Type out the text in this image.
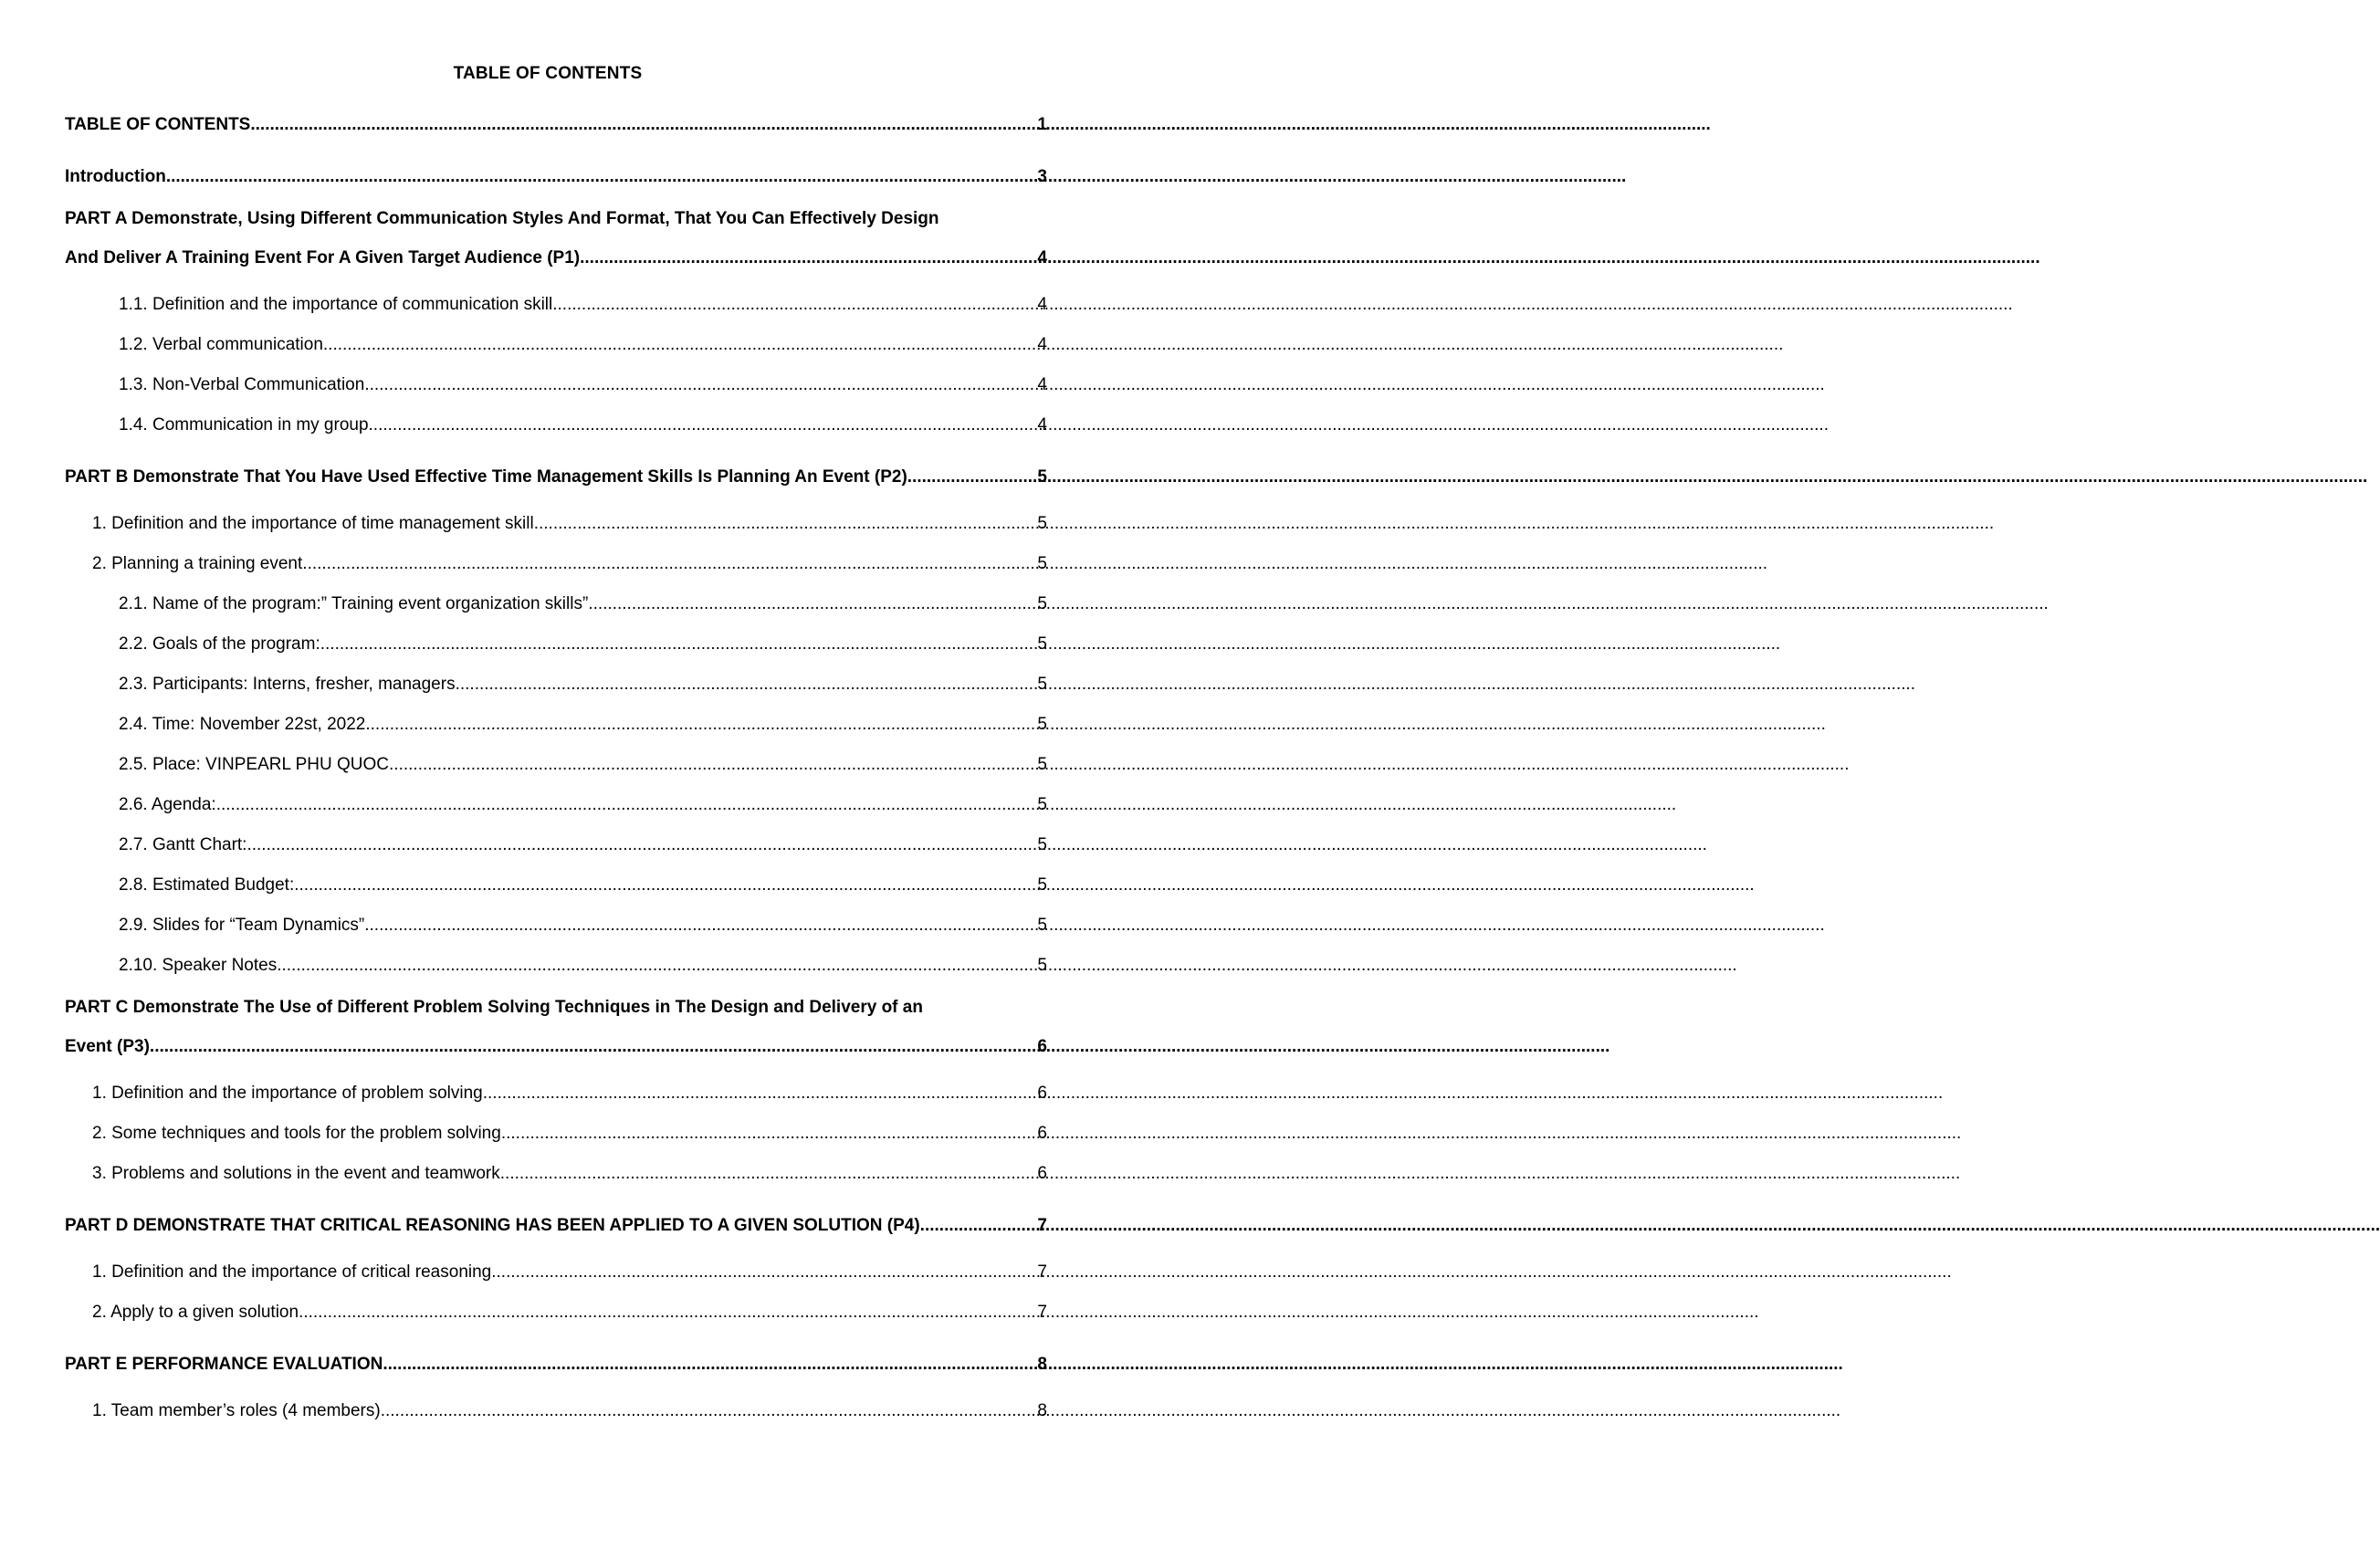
TABLE OF CONTENTS
TABLE OF CONTENTS .....	1
Introduction .....	3
PART A Demonstrate, Using Different Communication Styles And Format, That You Can Effectively Design
And Deliver A Training Event For A Given Target Audience (P1) .....	4
1.1. Definition and the importance of communication skill .....	4
1.2. Verbal communication .....	4
1.3. Non-Verbal Communication .....	4
1.4. Communication in my group .....	4
PART B Demonstrate That You Have Used Effective Time Management Skills Is Planning An Event (P2) .....	5
1. Definition and the importance of time management skill .....	5
2. Planning a training event. .....	5
2.1. Name of the program:” Training event organization skills” .....	5
2.2. Goals of the program: .....	5
2.3. Participants: Interns, fresher, managers .....	5
2.4. Time: November 22st, 2022 .....	5
2.5. Place: VINPEARL PHU QUOC .....	5
2.6. Agenda: .....	5
2.7. Gantt Chart: .....	5
2.8. Estimated Budget: .....	5
2.9. Slides for “Team Dynamics” .....	5
2.10. Speaker Notes .....	5
PART C Demonstrate The Use of Different Problem Solving Techniques in The Design and Delivery of an
Event (P3) .....	6
1. Definition and the importance of problem solving .....	6
2. Some techniques and tools for the problem solving .....	6
3. Problems and solutions in the event and teamwork .....	6
PART D DEMONSTRATE THAT CRITICAL REASONING HAS BEEN APPLIED TO A GIVEN SOLUTION (P4) .....	7
1. Definition and the importance of critical reasoning .....	7
2. Apply to a given solution .....	7
PART E PERFORMANCE EVALUATION .....	8
1. Team member’s roles (4 members) .....	8
